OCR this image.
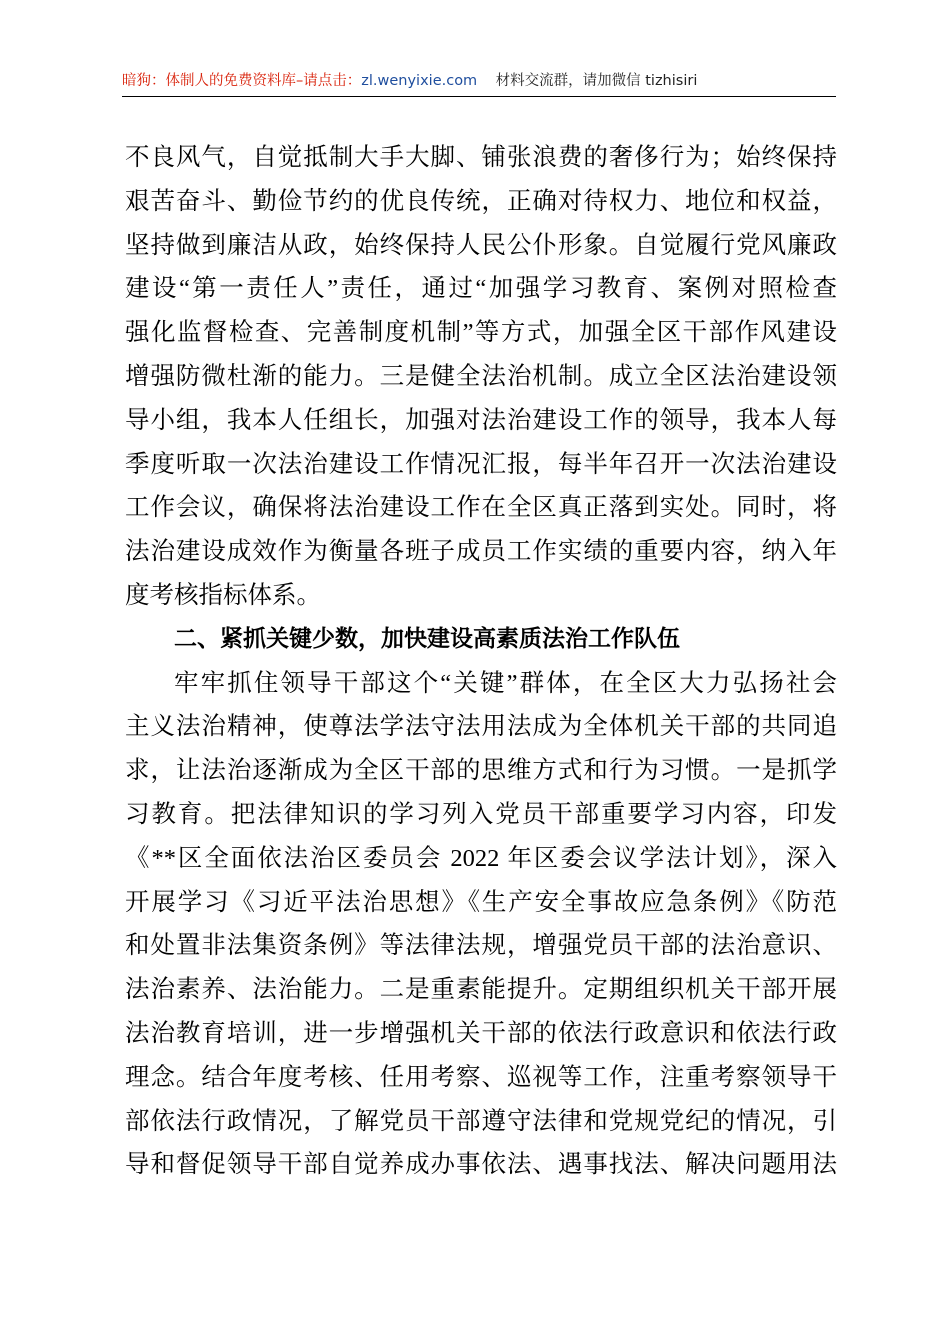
暗狗：体制人的免费资料库–请点击：zl.wenyixie.com 材料交流群，请加微信 tizhisiri
不良风气，自觉抵制大手大脚、铺张浪费的奢侈行为；始终保持
艰苦奋斗、勤俭节约的优良传统，正确对待权力、地位和权益，
坚持做到廉洁从政，始终保持人民公仆形象。自觉履行党风廉政
建设“第一责任人”责任，通过“加强学习教育、案例对照检查
强化监督检查、完善制度机制”等方式，加强全区干部作风建设
增强防微杜渐的能力。三是健全法治机制。成立全区法治建设领
导小组，我本人任组长，加强对法治建设工作的领导，我本人每
季度听取一次法治建设工作情况汇报，每半年召开一次法治建设
工作会议，确保将法治建设工作在全区真正落到实处。同时，将
法治建设成效作为衡量各班子成员工作实绩的重要内容，纳入年
度考核指标体系。
二、紧抓关键少数，加快建设高素质法治工作队伍
牢牢抓住领导干部这个“关键”群体，在全区大力弘扬社会
主义法治精神，使尊法学法守法用法成为全体机关干部的共同追
求，让法治逐渐成为全区干部的思维方式和行为习惯。一是抓学
习教育。把法律知识的学习列入党员干部重要学习内容，印发
《**区全面依法治区委员会 2022 年区委会议学法计划》，深入
开展学习《习近平法治思想》《生产安全事故应急条例》《防范
和处置非法集资条例》等法律法规，增强党员干部的法治意识、
法治素养、法治能力。二是重素能提升。定期组织机关干部开展
法治教育培训，进一步增强机关干部的依法行政意识和依法行政
理念。结合年度考核、任用考察、巡视等工作，注重考察领导干
部依法行政情况，了解党员干部遵守法律和党规党纪的情况，引
导和督促领导干部自觉养成办事依法、遇事找法、解决问题用法
